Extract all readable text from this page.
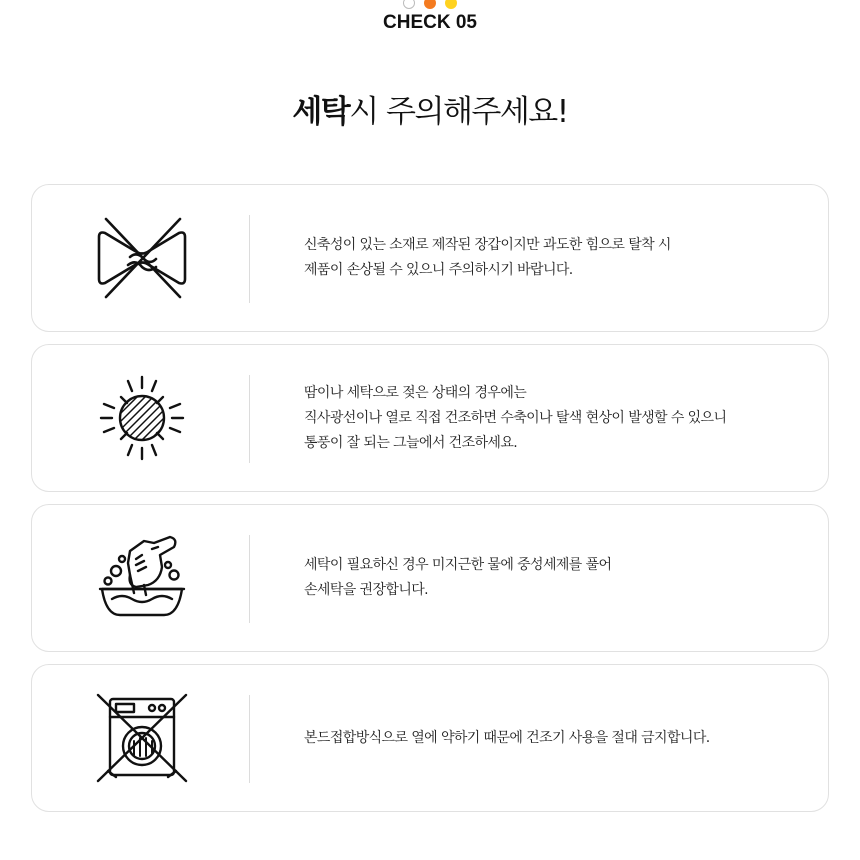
CHECK 05
세탁시 주의해주세요!
신축성이 있는 소재로 제작된 장갑이지만 과도한 힘으로 탈착 시
제품이 손상될 수 있으니 주의하시기 바랍니다.
땀이나 세탁으로 젖은 상태의 경우에는
직사광선이나 열로 직접 건조하면 수축이나 탈색 현상이 발생할 수 있으니
통풍이 잘 되는 그늘에서 건조하세요.
세탁이 필요하신 경우 미지근한 물에 중성세제를 풀어
손세탁을 권장합니다.
본드접합방식으로 열에 약하기 때문에 건조기 사용을 절대 금지합니다.
